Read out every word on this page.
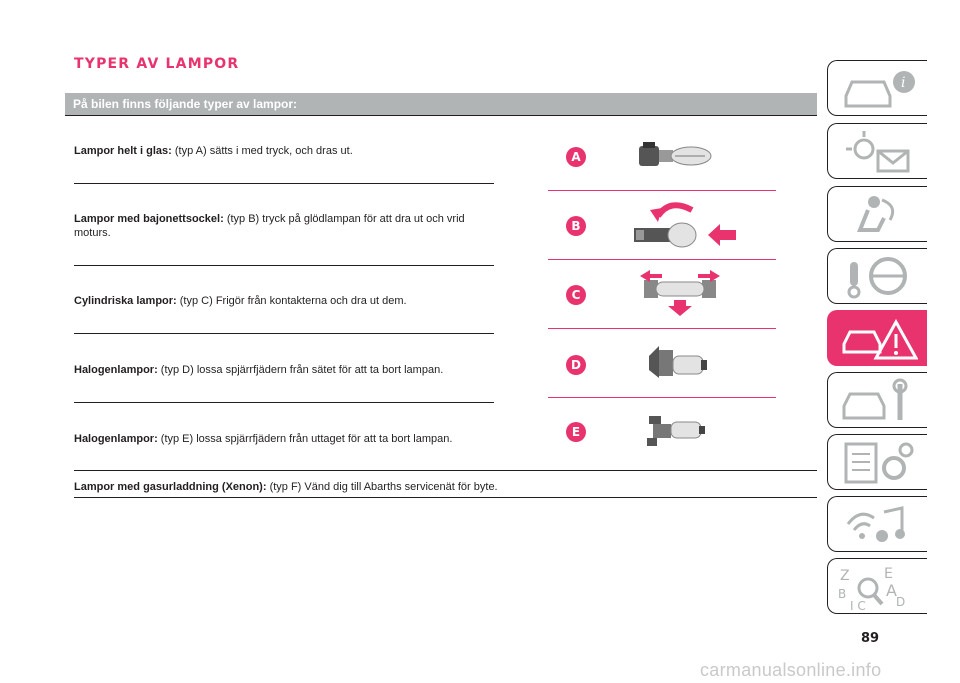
TYPER AV LAMPOR
På bilen finns följande typer av lampor:
Lampor helt i glas: (typ A) sätts i med tryck, och dras ut.
Lampor med bajonettsockel: (typ B) tryck på glödlampan för att dra ut och vrid moturs.
Cylindriska lampor: (typ C) Frigör från kontakterna och dra ut dem.
Halogenlampor: (typ D) lossa spjärrfjädern från sätet för att ta bort lampan.
Halogenlampor: (typ E) lossa spjärrfjädern från uttaget för att ta bort lampan.
Lampor med gasurladdning (Xenon): (typ F) Vänd dig till Abarths servicenät för byte.
A
B
C
D
E
i
Z E
B A
I C	D
89
carmanualsonline.info
